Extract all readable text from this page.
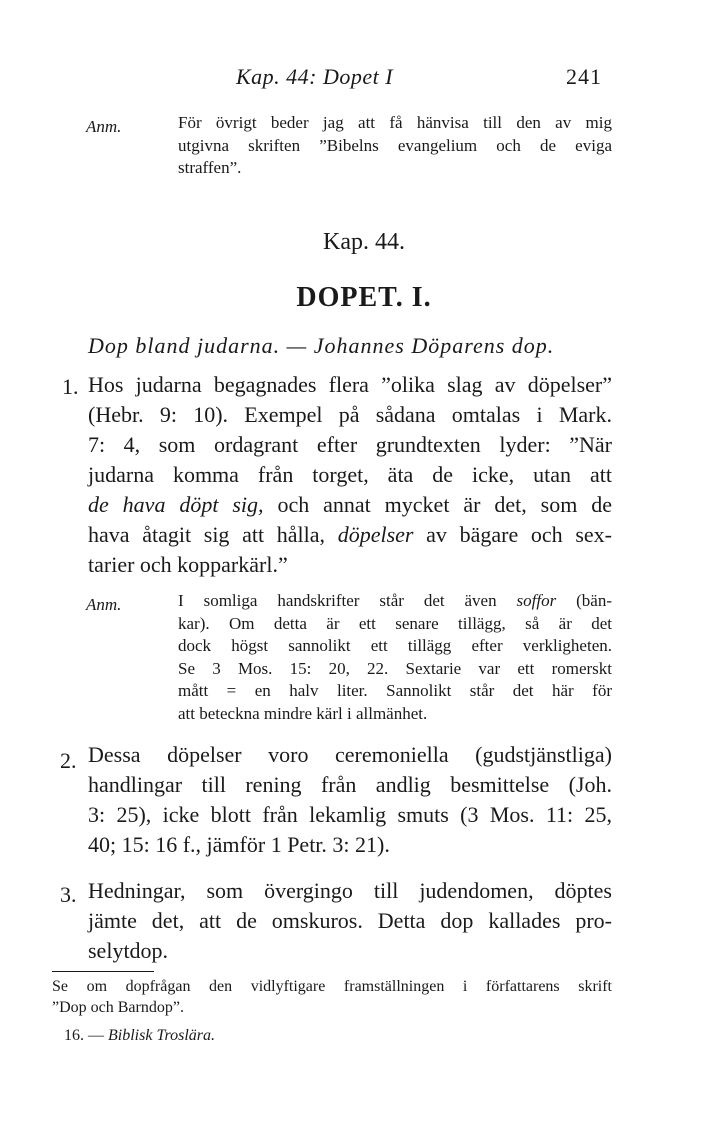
Kap. 44: Dopet I	241
Anm.	För övrigt beder jag att få hänvisa till den av mig
utgivna skriften ”Bibelns evangelium och de eviga
straffen”.
Kap. 44.
DOPET. I.
Dop bland judarna. — Johannes Döparens dop.
1. Hos judarna begagnades flera ”olika slag av döpelser”
(Hebr. 9: 10). Exempel på sådana omtalas i Mark.
7: 4, som ordagrant efter grundtexten lyder: ”När
judarna komma från torget, äta de icke, utan att
de hava döpt sig, och annat mycket är det, som de
hava åtagit sig att hålla, döpelser av bägare och sex-
tarier och kopparkärl.”
Anm.	I somliga handskrifter står det även soffor (bän-
kar). Om detta är ett senare tillägg, så är det
dock högst sannolikt ett tillägg efter verkligheten.
Se 3 Mos. 15: 20, 22. Sextarie var ett romerskt
mått = en halv liter. Sannolikt står det här för
att beteckna mindre kärl i allmänhet.
2. Dessa döpelser voro ceremoniella (gudstjänstliga)
handlingar till rening från andlig besmittelse (Joh.
3: 25), icke blott från lekamlig smuts (3 Mos. 11: 25,
40; 15: 16 f., jämför 1 Petr. 3: 21).
3. Hedningar, som övergingo till judendomen, döptes
jämte det, att de omskuros. Detta dop kallades pro-
selytdop.
Se om dopfrågan den vidlyftigare framställningen i författarens skrift
”Dop och Barndop”.
16. — Biblisk Troslära.
